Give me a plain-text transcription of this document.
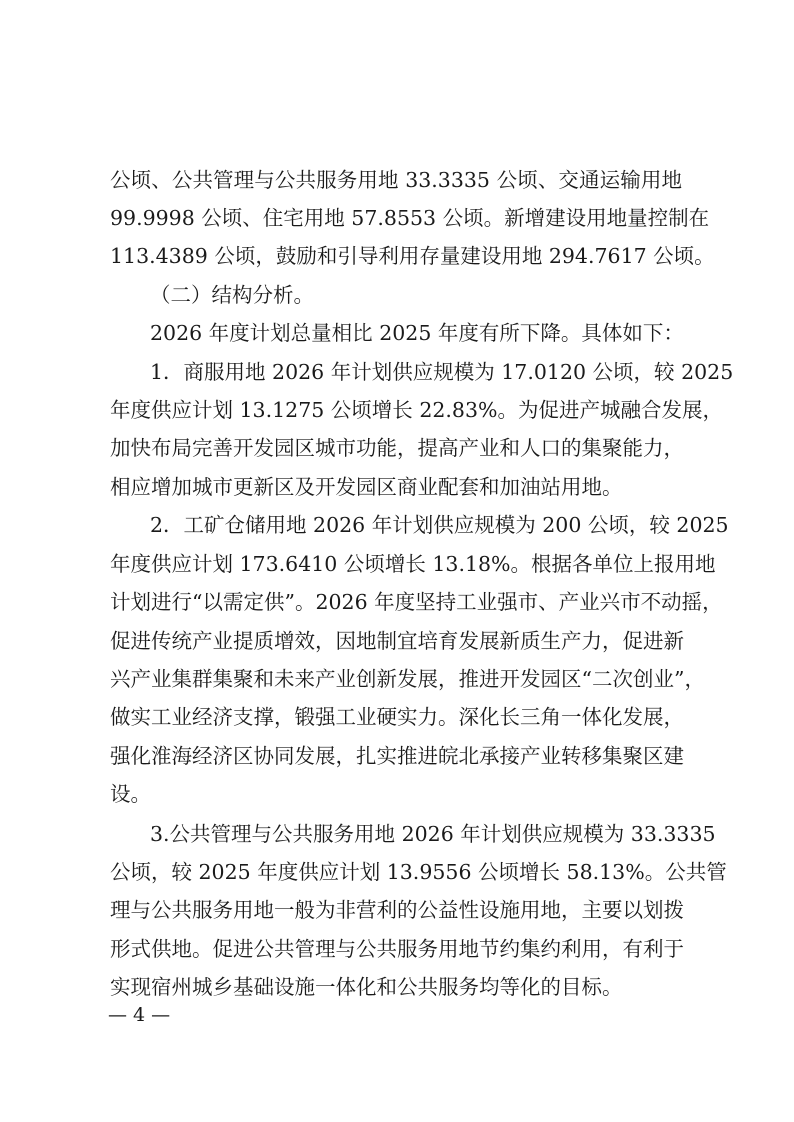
公顷、公共管理与公共服务用地 33.3335 公顷、交通运输用地
99.9998 公顷、住宅用地 57.8553 公顷。新增建设用地量控制在
113.4389 公顷，鼓励和引导利用存量建设用地 294.7617 公顷。
（二）结构分析。
2026 年度计划总量相比 2025 年度有所下降。具体如下：
1．商服用地 2026 年计划供应规模为 17.0120 公顷，较 2025
年度供应计划 13.1275 公顷增长 22.83%。为促进产城融合发展，
加快布局完善开发园区城市功能，提高产业和人口的集聚能力，
相应增加城市更新区及开发园区商业配套和加油站用地。
2．工矿仓储用地 2026 年计划供应规模为 200 公顷，较 2025
年度供应计划 173.6410 公顷增长 13.18%。根据各单位上报用地
计划进行“以需定供”。2026 年度坚持工业强市、产业兴市不动摇，
促进传统产业提质增效，因地制宜培育发展新质生产力，促进新
兴产业集群集聚和未来产业创新发展，推进开发园区“二次创业”，
做实工业经济支撑，锻强工业硬实力。深化长三角一体化发展，
强化淮海经济区协同发展，扎实推进皖北承接产业转移集聚区建
设。
3.公共管理与公共服务用地 2026 年计划供应规模为 33.3335
公顷，较 2025 年度供应计划 13.9556 公顷增长 58.13%。公共管
理与公共服务用地一般为非营利的公益性设施用地，主要以划拨
形式供地。促进公共管理与公共服务用地节约集约利用，有利于
实现宿州城乡基础设施一体化和公共服务均等化的目标。
— 4 —
